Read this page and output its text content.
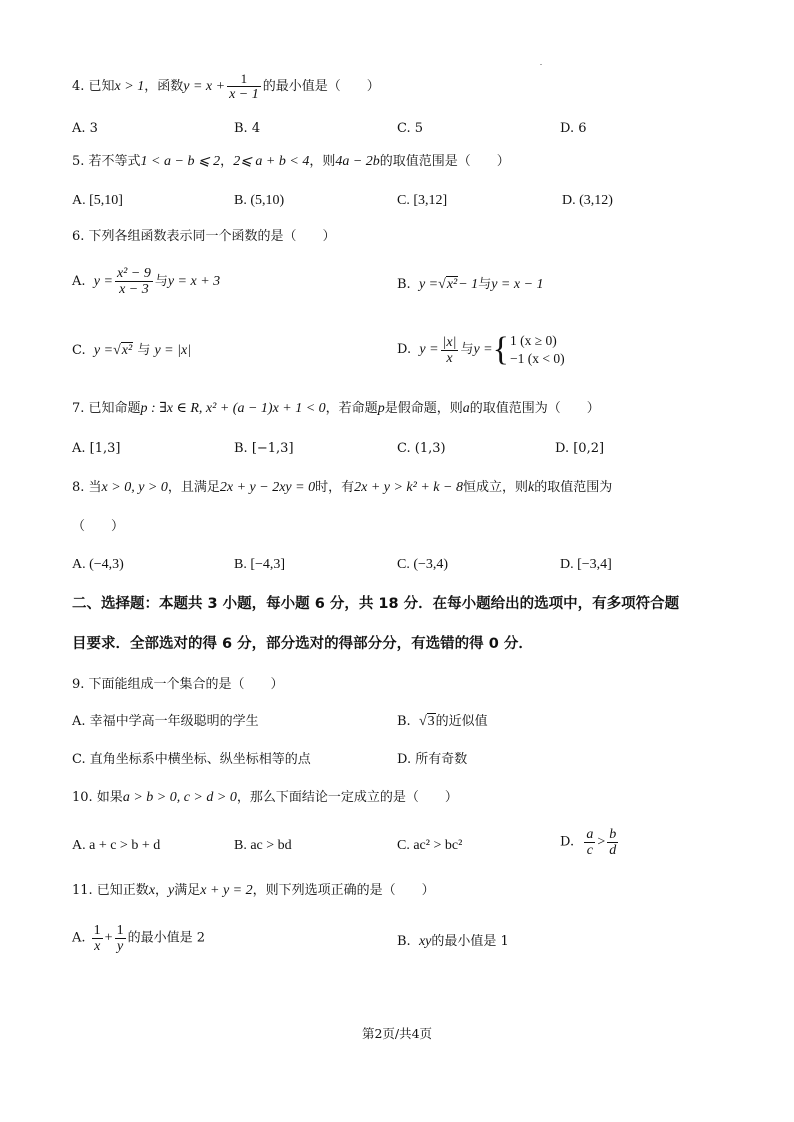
4. 已知x > 1，函数$y = x + \frac{1}{x - 1}$ 的最小值是（　　）
A. 3	B. 4	C. 5	D. 6
5. 若不等式1 < a − b ⩽ 2，2⩽ a + b < 4，则4a − 2b的取值范围是（　　）
A. [5,10]	B. (5,10)	C. [3,12]	D. (3,12)
6. 下列各组函数表示同一个函数的是（　　）
A. $y = \frac{\text{x² − 9}}{x - 3}$ 与y = x + 3	B. y =√x²− 1与y = x − 1
C. y =√x² 与 y = |x|	D. $y = \frac{|x|}{x}$ 与y ={ 1 (x ≥ 0)
−1 (x < 0)
7. 已知命题p : ∃x ∈ R, x² + (a − 1)x + 1 < 0，若命题p是假命题，则a的取值范围为（　　）
A. [1,3]	B. [−1,3]	C. (1,3)	D. [0,2]
8. 当x > 0, y > 0，且满足2x + y − 2xy = 0时，有2x + y > k² + k − 8恒成立，则k的取值范围为
（　　）
A. (−4,3)	B. [−4,3]	C. (−3,4)	D. [−3,4]
二、选择题：本题共 3 小题，每小题 6 分，共 18 分．在每小题给出的选项中，有多项符合题
目要求．全部选对的得 6 分，部分选对的得部分分，有选错的得 0 分．
9. 下面能组成一个集合的是（　　）
A. 幸福中学高一年级聪明的学生	B. √3的近似值
C. 直角坐标系中横坐标、纵坐标相等的点	D. 所有奇数
10. 如果a > b > 0, c > d > 0，那么下面结论一定成立的是（　　）
A. a + c > b + d	B. ac > bd	C. ac² > bc²	D. $\frac{a}{c} > \frac{b}{d}$
11. 已知正数x，y满足x + y = 2，则下列选项正确的是（　　）
A. $\frac{1}{x} + \frac{1}{y}$ 的最小值是 2	B. xy的最小值是 1
第2页/共4页
